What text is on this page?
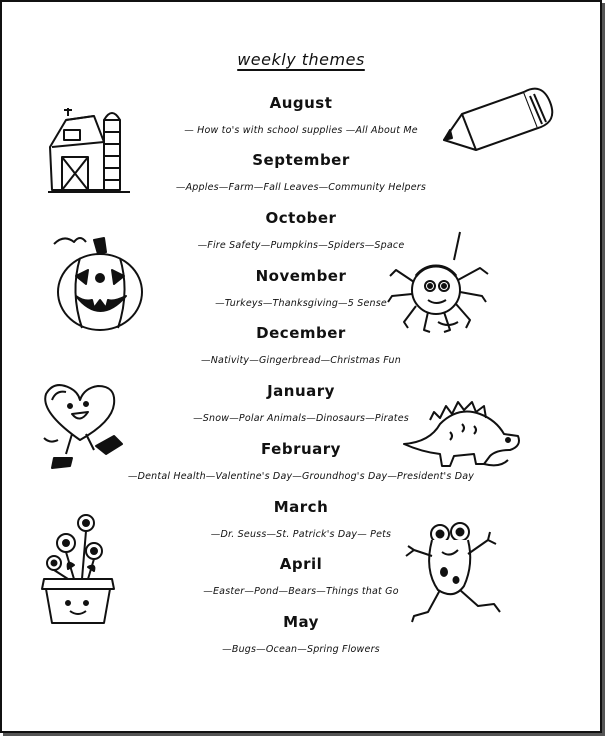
weekly themes
August
— How to's with school supplies —All About Me
September
—Apples—Farm—Fall Leaves—Community Helpers
October
—Fire Safety—Pumpkins—Spiders—Space
November
—Turkeys—Thanksgiving—5 Sense
December
—Nativity—Gingerbread—Christmas Fun
January
—Snow—Polar Animals—Dinosaurs—Pirates
February
—Dental Health—Valentine's Day—Groundhog's Day—President's Day
March
—Dr. Seuss—St. Patrick's Day— Pets
April
—Easter—Pond—Bears—Things that Go
May
—Bugs—Ocean—Spring Flowers
